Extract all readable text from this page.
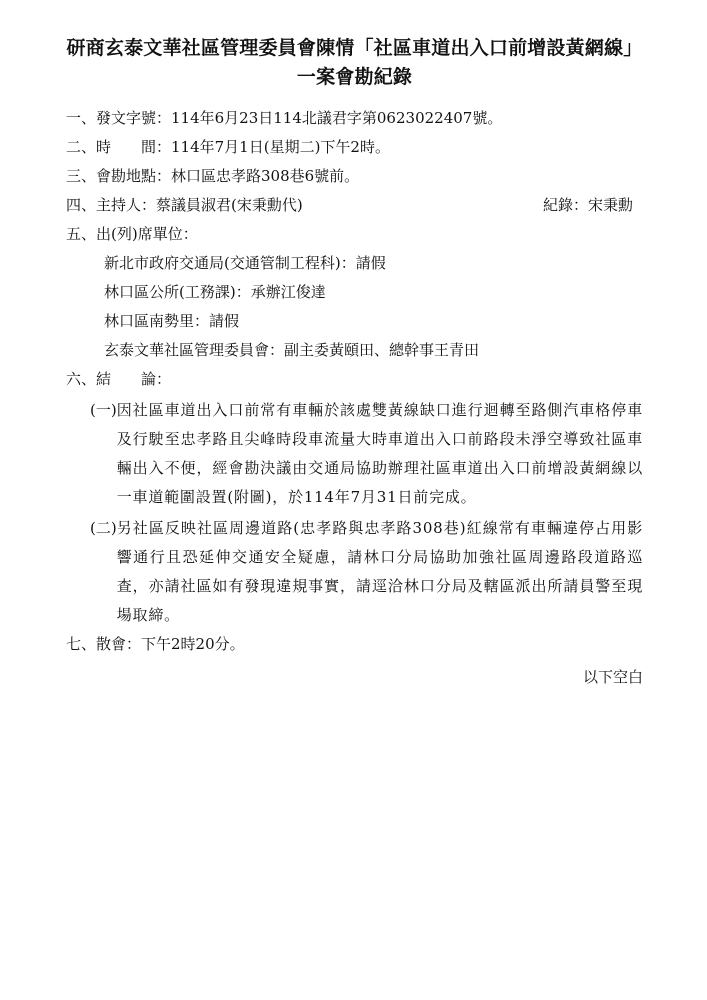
研商玄泰文華社區管理委員會陳情「社區車道出入口前增設黃網線」
一案會勘紀錄
一、發文字號：114年6月23日114北議君字第0623022407號。
二、時　　間：114年7月1日(星期二)下午2時。
三、會勘地點：林口區忠孝路308巷6號前。
四、主持人：蔡議員淑君(宋秉勳代)	紀錄：宋秉勳
五、出(列)席單位：
新北市政府交通局(交通管制工程科)：請假
林口區公所(工務課)：承辦江俊達
林口區南勢里：請假
玄泰文華社區管理委員會：副主委黃頤田、總幹事王青田
六、結　　論：
(一) 因社區車道出入口前常有車輛於該處雙黃線缺口進行迴轉至路側汽車格停車及行駛至忠孝路且尖峰時段車流量大時車道出入口前路段未淨空導致社區車輛出入不便，經會勘決議由交通局協助辦理社區車道出入口前增設黃網線以一車道範圍設置(附圖)，於114年7月31日前完成。
(二) 另社區反映社區周邊道路(忠孝路與忠孝路308巷)紅線常有車輛違停占用影響通行且恐延伸交通安全疑慮，請林口分局協助加強社區周邊路段道路巡查，亦請社區如有發現違規事實，請逕洽林口分局及轄區派出所請員警至現場取締。
七、散會：下午2時20分。
以下空白
